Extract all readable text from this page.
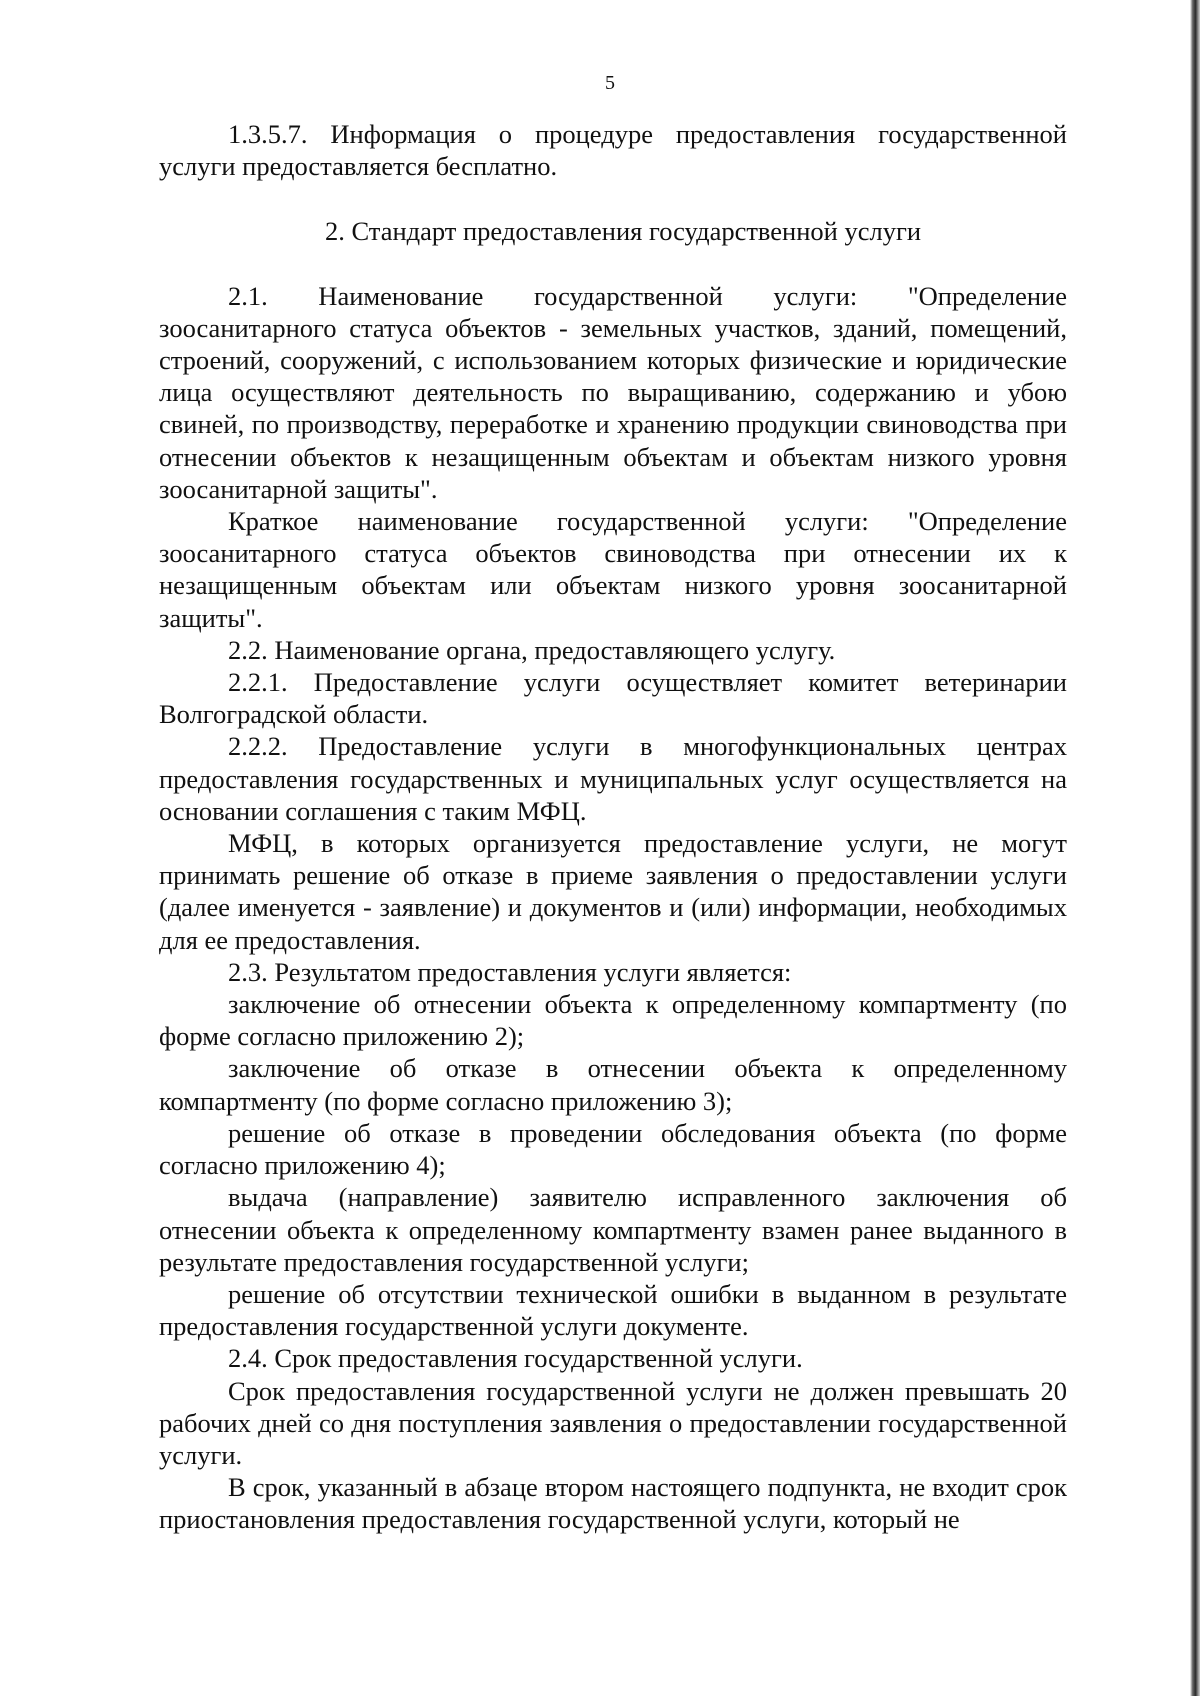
5

1.3.5.7. Информация о процедуре предоставления государственной услуги предоставляется бесплатно.

2. Стандарт предоставления государственной услуги

2.1. Наименование государственной услуги: "Определение зоосанитарного статуса объектов - земельных участков, зданий, помещений, строений, сооружений, с использованием которых физические и юридические лица осуществляют деятельность по выращиванию, содержанию и убою свиней, по производству, переработке и хранению продукции свиноводства при отнесении объектов к незащищенным объектам и объектам низкого уровня зоосанитарной защиты".

Краткое наименование государственной услуги: "Определение зоосанитарного статуса объектов свиноводства при отнесении их к незащищенным объектам или объектам низкого уровня зоосанитарной защиты".

2.2. Наименование органа, предоставляющего услугу.

2.2.1. Предоставление услуги осуществляет комитет ветеринарии Волгоградской области.

2.2.2. Предоставление услуги в многофункциональных центрах предоставления государственных и муниципальных услуг осуществляется на основании соглашения с таким МФЦ.

МФЦ, в которых организуется предоставление услуги, не могут принимать решение об отказе в приеме заявления о предоставлении услуги (далее именуется - заявление) и документов и (или) информации, необходимых для ее предоставления.

2.3. Результатом предоставления услуги является:

заключение об отнесении объекта к определенному компартменту (по форме согласно приложению 2);

заключение об отказе в отнесении объекта к определенному компартменту (по форме согласно приложению 3);

решение об отказе в проведении обследования объекта (по форме согласно приложению 4);

выдача (направление) заявителю исправленного заключения об отнесении объекта к определенному компартменту взамен ранее выданного в результате предоставления государственной услуги;

решение об отсутствии технической ошибки в выданном в результате предоставления государственной услуги документе.

2.4. Срок предоставления государственной услуги.

Срок предоставления государственной услуги не должен превышать 20 рабочих дней со дня поступления заявления о предоставлении государственной услуги.

В срок, указанный в абзаце втором настоящего подпункта, не входит срок приостановления предоставления государственной услуги, который не
